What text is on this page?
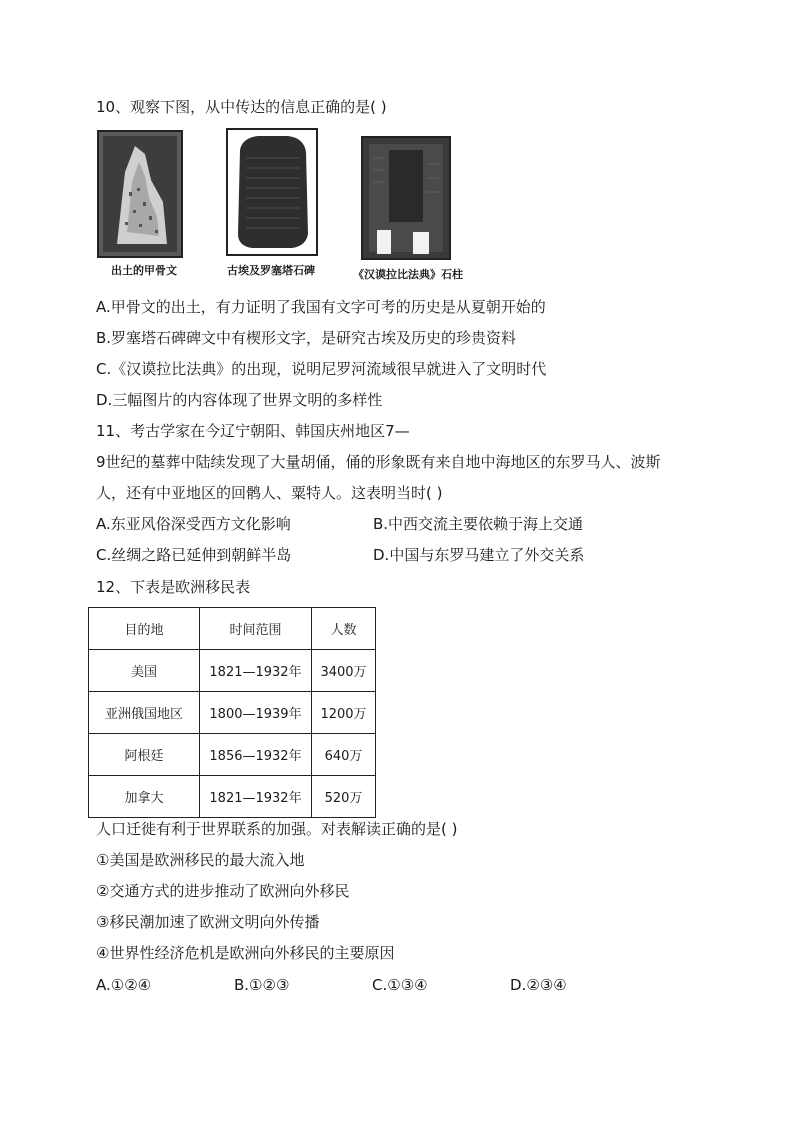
10、观察下图，从中传达的信息正确的是( )
出土的甲骨文	古埃及罗塞塔石碑	《汉谟拉比法典》石柱
A.甲骨文的出土，有力证明了我国有文字可考的历史是从夏朝开始的
B.罗塞塔石碑碑文中有楔形文字，是研究古埃及历史的珍贵资料
C.《汉谟拉比法典》的出现，说明尼罗河流域很早就进入了文明时代
D.三幅图片的内容体现了世界文明的多样性
11、考古学家在今辽宁朝阳、韩国庆州地区7—
9世纪的墓葬中陆续发现了大量胡俑，俑的形象既有来自地中海地区的东罗马人、波斯
人，还有中亚地区的回鹘人、粟特人。这表明当时( )
A.东亚风俗深受西方文化影响	B.中西交流主要依赖于海上交通
C.丝绸之路已延伸到朝鲜半岛	D.中国与东罗马建立了外交关系
12、下表是欧洲移民表
目的地	时间范围	人数
美国	1821—1932年	3400万
亚洲俄国地区	1800—1939年	1200万
阿根廷	1856—1932年	640万
加拿大	1821—1932年	520万
人口迁徙有利于世界联系的加强。对表解读正确的是( )
①美国是欧洲移民的最大流入地
②交通方式的进步推动了欧洲向外移民
③移民潮加速了欧洲文明向外传播
④世界性经济危机是欧洲向外移民的主要原因
A.①②④	B.①②③	C.①③④	D.②③④
